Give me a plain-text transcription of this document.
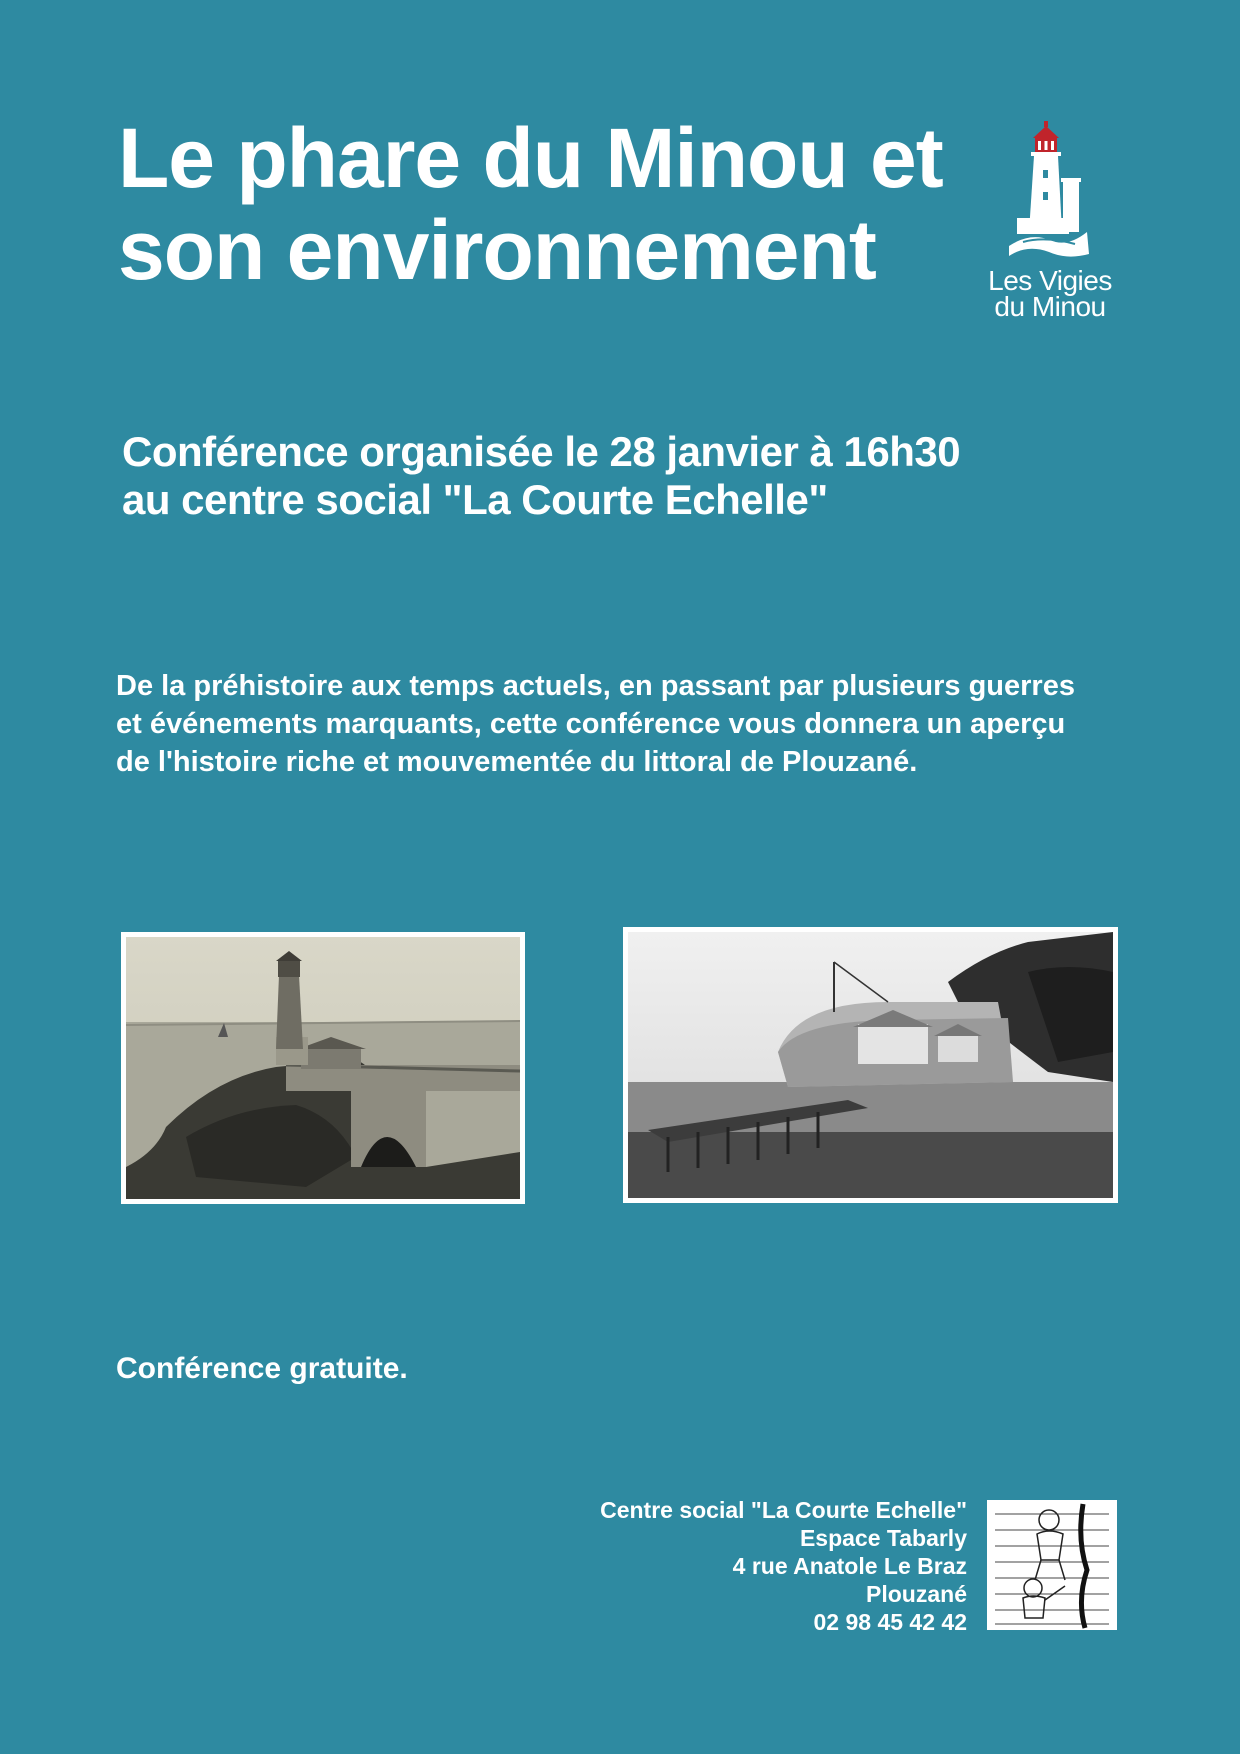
Le phare du Minou et
son environnement	Les Vigies
du Minou
Conférence organisée le 28 janvier à 16h30
au centre social "La Courte Echelle"

De la préhistoire aux temps actuels, en passant par plusieurs guerres
et événements marquants, cette conférence vous donnera un aperçu
de l'histoire riche et mouvementée du littoral de Plouzané.

Conférence gratuite.
Centre social "La Courte Echelle"
Espace Tabarly
4 rue Anatole Le Braz
Plouzané
02 98 45 42 42
